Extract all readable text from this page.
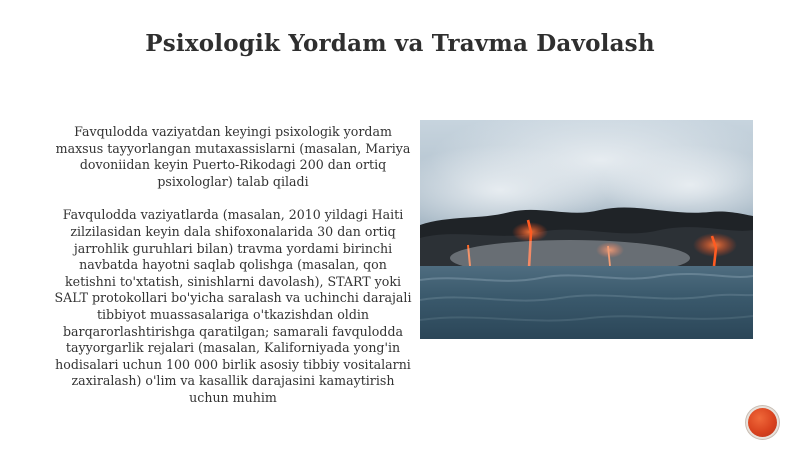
Psixologik Yordam va Travma Davolash

Favqulodda vaziyatdan keyingi psixologik yordam maxsus tayyorlangan mutaxassislarni (masalan, Mariya dovoniidan keyin Puerto-Rikodagi 200 dan ortiq psixologlar) talab qiladi

Favqulodda vaziyatlarda (masalan, 2010 yildagi Haiti zilzilasidan keyin dala shifoxonalarida 30 dan ortiq jarrohlik guruhlari bilan) travma yordami birinchi navbatda hayotni saqlab qolishga (masalan, qon ketishni to'xtatish, sinishlarni davolash), START yoki SALT protokollari bo'yicha saralash va uchinchi darajali tibbiyot muassasalariga o'tkazishdan oldin barqarorlashtirishga qaratilgan; samarali favqulodda tayyorgarlik rejalari (masalan, Kaliforniyada yong'in hodisalari uchun 100 000 birlik asosiy tibbiy vositalarni zaxiralash) o'lim va kasallik darajasini kamaytirish uchun muhim
